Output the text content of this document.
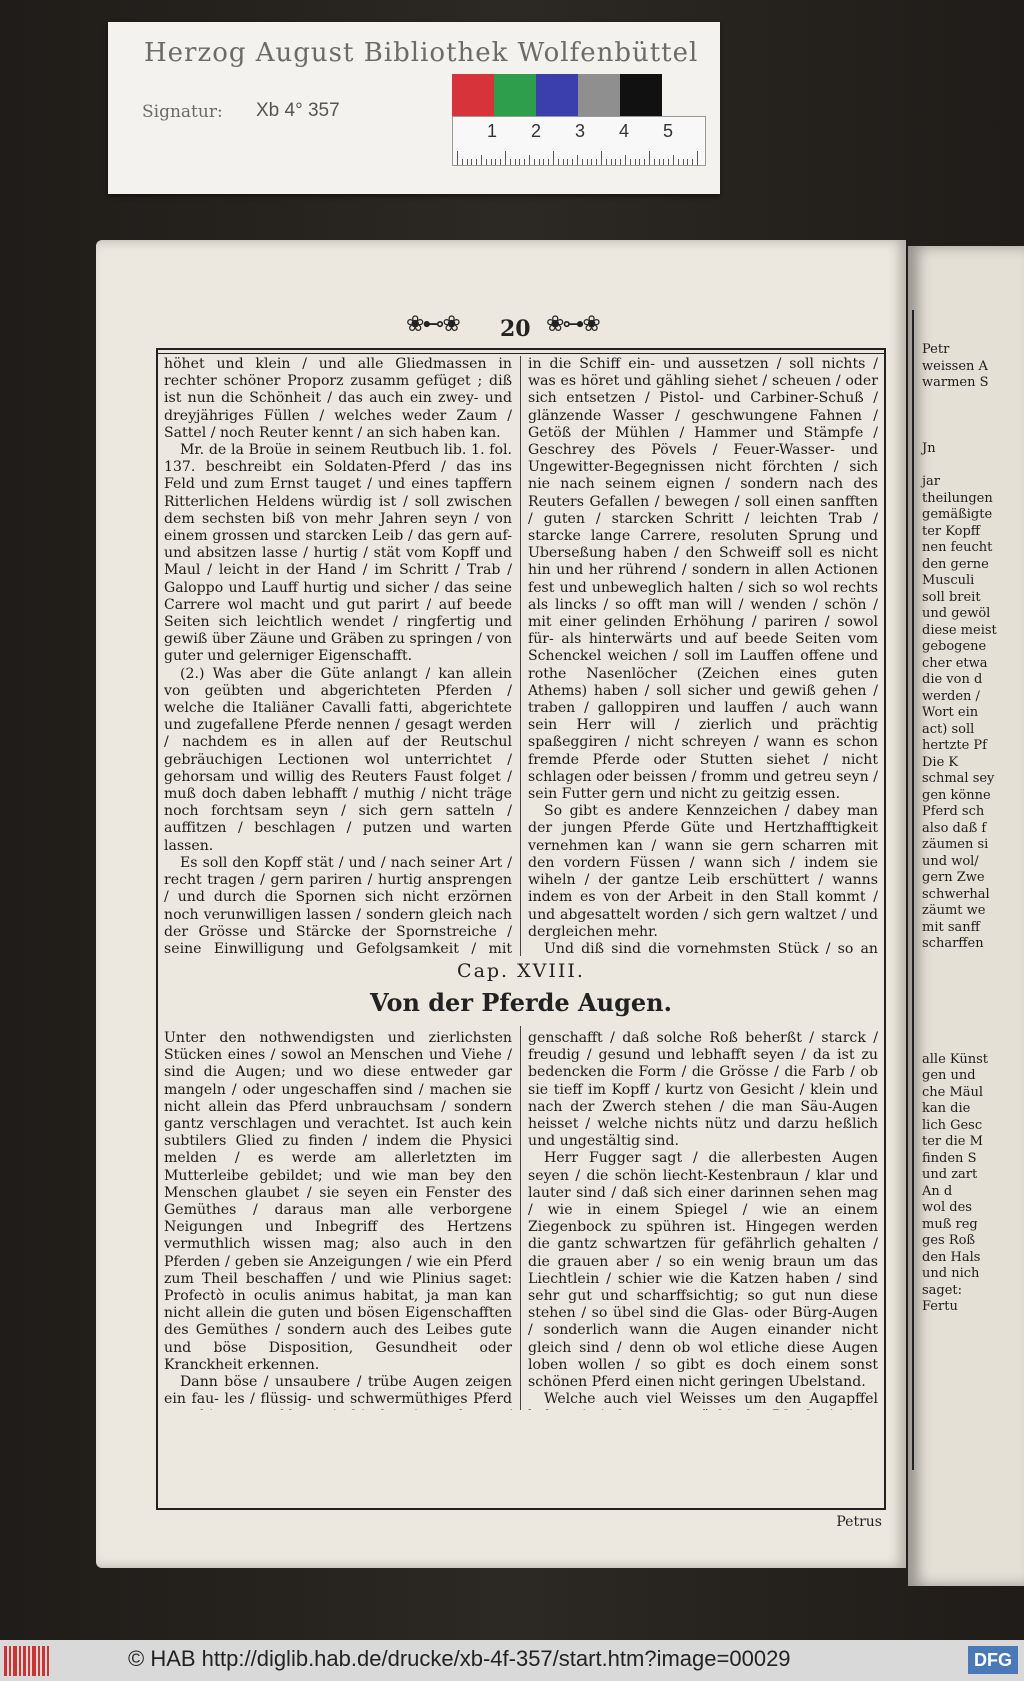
Herzog August Bibliothek Wolfenbüttel
Signatur: Xb 4° 357
1 2 3 4 5
❀⊷❀ 20 ❀⊶❀

höhet und klein / und alle Gliedmassen in rechter schöner Proporz zusamm gefüget ; diß ist nun die Schönheit / das auch ein zwey- und dreyjähriges Füllen / welches weder Zaum / Sattel / noch Reuter kennt / an sich haben kan.

Mr. de la Broüe in seinem Reutbuch lib. 1. fol. 137. beschreibt ein Soldaten-Pferd / das ins Feld und zum Ernst tauget / und eines tapffern Ritterlichen Heldens würdig ist / soll zwischen dem sechsten biß von mehr Jahren seyn / von einem grossen und starcken Leib / das gern auf- und absitzen lasse / hurtig / stät vom Kopff und Maul / leicht in der Hand / im Schritt / Trab / Galoppo und Lauff hurtig und sicher / das seine Carrere wol macht und gut parirt / auf beede Seiten sich leichtlich wendet / ringfertig und gewiß über Zäune und Gräben zu springen / von guter und gelerniger Eigenschafft.

(2.) Was aber die Güte anlangt / kan allein von geübten und abgerichteten Pferden / welche die Italiäner Cavalli fatti, abgerichtete und zugefallene Pferde nennen / gesagt werden / nachdem es in allen auf der Reutschul gebräuchigen Lectionen wol unterrichtet / gehorsam und willig des Reuters Faust folget / muß doch daben lebhafft / muthig / nicht träge noch forchtsam seyn / sich gern satteln / auffitzen / beschlagen / putzen und warten lassen.

Es soll den Kopff stät / und / nach seiner Art / recht tragen / gern pariren / hurtig ansprengen / und durch die Spornen sich nicht erzörnen noch verunwilligen lassen / sondern gleich nach der Grösse und Stärcke der Spornstreiche / seine Einwilligung und Gefolgsamkeit / mit

in die Schiff ein- und aussetzen / soll nichts / was es höret und gähling siehet / scheuen / oder sich entsetzen / Pistol- und Carbiner-Schuß / glänzende Wasser / geschwungene Fahnen / Getöß der Mühlen / Hammer und Stämpfe / Geschrey des Pövels / Feuer-Wasser- und Ungewitter-Begegnissen nicht förchten / sich nie nach seinem eignen / sondern nach des Reuters Gefallen / bewegen / soll einen sanfften / guten / starcken Schritt / leichten Trab / starcke lange Carrere, resoluten Sprung und Uberseßung haben / den Schweiff soll es nicht hin und her rührend / sondern in allen Actionen fest und unbeweglich halten / sich so wol rechts als lincks / so offt man will / wenden / schön / mit einer gelinden Erhöhung / pariren / sowol für- als hinterwärts und auf beede Seiten vom Schenckel weichen / soll im Lauffen offene und rothe Nasenlöcher (Zeichen eines guten Athems) haben / soll sicher und gewiß gehen / traben / galloppiren und lauffen / auch wann sein Herr will / zierlich und prächtig spaßeggiren / nicht schreyen / wann es schon fremde Pferde oder Stutten siehet / nicht schlagen oder beissen / fromm und getreu seyn / sein Futter gern und nicht zu geitzig essen.

So gibt es andere Kennzeichen / dabey man der jungen Pferde Güte und Hertzhafftigkeit vernehmen kan / wann sie gern scharren mit den vordern Füssen / wann sich / indem sie wiheln / der gantze Leib erschüttert / wanns indem es von der Arbeit in den Stall kommt / und abgesattelt worden / sich gern waltzet / und dergleichen mehr.

Und diß sind die vornehmsten Stück / so an

Cap. XVIII.
Von der Pferde Augen.

Unter den nothwendigsten und zierlichsten Stücken eines / sowol an Menschen und Viehe / sind die Augen; und wo diese entweder gar mangeln / oder ungeschaffen sind / machen sie nicht allein das Pferd unbrauchsam / sondern gantz verschlagen und verachtet. Ist auch kein subtilers Glied zu finden / indem die Physici melden / es werde am allerletzten im Mutterleibe gebildet; und wie man bey den Menschen glaubet / sie seyen ein Fenster des Gemüthes / daraus man alle verborgene Neigungen und Inbegriff des Hertzens vermuthlich wissen mag; also auch in den Pferden / geben sie Anzeigungen / wie ein Pferd zum Theil beschaffen / und wie Plinius saget: Profectò in oculis animus habitat, ja man kan nicht allein die guten und bösen Eigenschafften des Gemüthes / sondern auch des Leibes gute und böse Disposition, Gesundheit oder Kranckheit erkennen.

Dann böse / unsaubere / trübe Augen zeigen ein fau- les / flüssig- und schwermüthiges Pferd

genschafft / daß solche Roß beherßt / starck / freudig / gesund und lebhafft seyen / da ist zu bedencken die Form / die Grösse / die Farb / ob sie tieff im Kopff / kurtz von Gesicht / klein und nach der Zwerch stehen / die man Säu-Augen heisset / welche nichts nütz und darzu heßlich und ungestältig sind.

Herr Fugger sagt / die allerbesten Augen seyen / die schön liecht-Kestenbraun / klar und lauter sind / daß sich einer darinnen sehen mag / wie in einem Spiegel / wie an einem Ziegenbock zu spühren ist. Hingegen werden die gantz schwartzen für gefährlich gehalten / die grauen aber / so ein wenig braun um das Liechtlein / schier wie die Katzen haben / sind sehr gut und scharffsichtig; so gut nun diese stehen / so übel sind die Glas- oder Bürg-Augen / sonderlich wann die Augen einander nicht gleich sind / denn ob wol etliche diese Augen loben wollen / so gibt es doch einem sonst schönen Pferd einen nicht geringen Ubelstand.

Welche auch viel Weisses um den Augapffel

Petrus
Petr
weissen A
warmen S

Jn

jar
theilungen
gemäßigte
ter Kopff
nen feucht
den gerne
Musculi
soll breit
und gewöl
diese meist
gebogene
cher etwa
die von d
werden /
Wort ein
act) soll
hertzte Pf
Die K
schmal sey
gen könne
Pferd sch
also daß f
zäumen si
und wol/
gern Zwe
schwerhal
zäumt we
mit sanff
scharffen

alle Künst
gen und
che Mäul
kan die
lich Gesc
ter die M
finden S
und zart
An d
wol des
muß reg
ges Roß
den Hals
und nich
saget:
Fertu
© HAB http://diglib.hab.de/drucke/xb-4f-357/start.htm?image=00029	DFG
